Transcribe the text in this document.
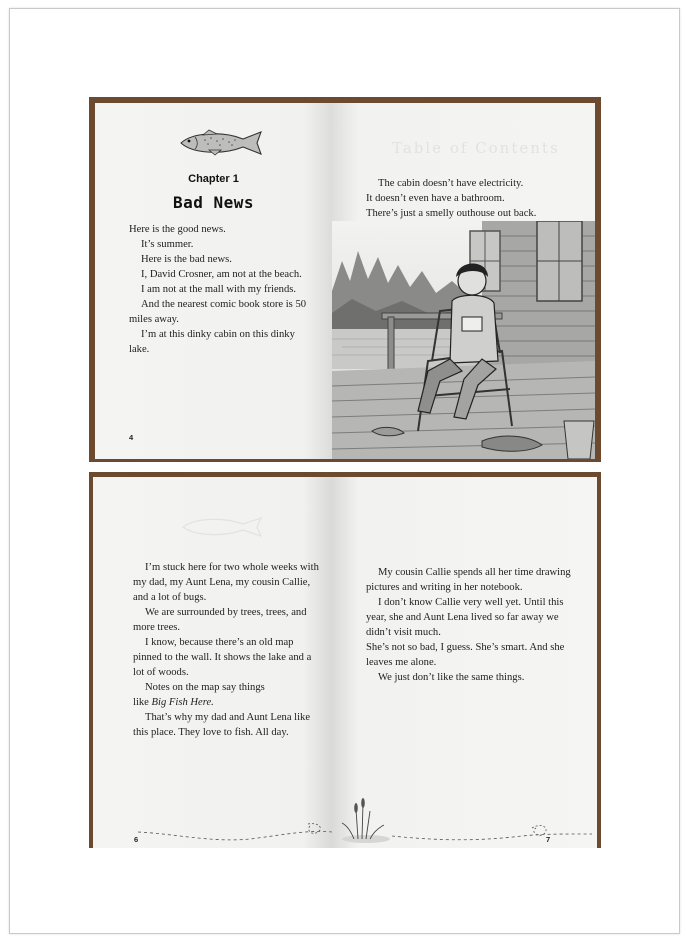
Chapter 1
Bad News

Here is the good news.

It’s summer.

Here is the bad news.

I, David Crosner, am not at the beach.

I am not at the mall with my friends.

And the nearest comic book store is 50 miles away.

I’m at this dinky cabin on this dinky lake.

4
Table of Contents

The cabin doesn’t have electricity.

It doesn’t even have a bathroom.

There’s just a smelly outhouse out back.

I’m stuck here for two whole weeks with my dad, my Aunt Lena, my cousin Callie, and a lot of bugs.

We are surrounded by trees, trees, and more trees.

I know, because there’s an old map pinned to the wall. It shows the lake and a lot of woods.

Notes on the map say things

like Big Fish Here.

That’s why my dad and Aunt Lena like this place. They love to fish. All day.

6

My cousin Callie spends all her time drawing pictures and writing in her notebook.

I don’t know Callie very well yet. Until this year, she and Aunt Lena lived so far away we didn’t visit much.

She’s not so bad, I guess. She’s smart. And she leaves me alone.

We just don’t like the same things.

7
